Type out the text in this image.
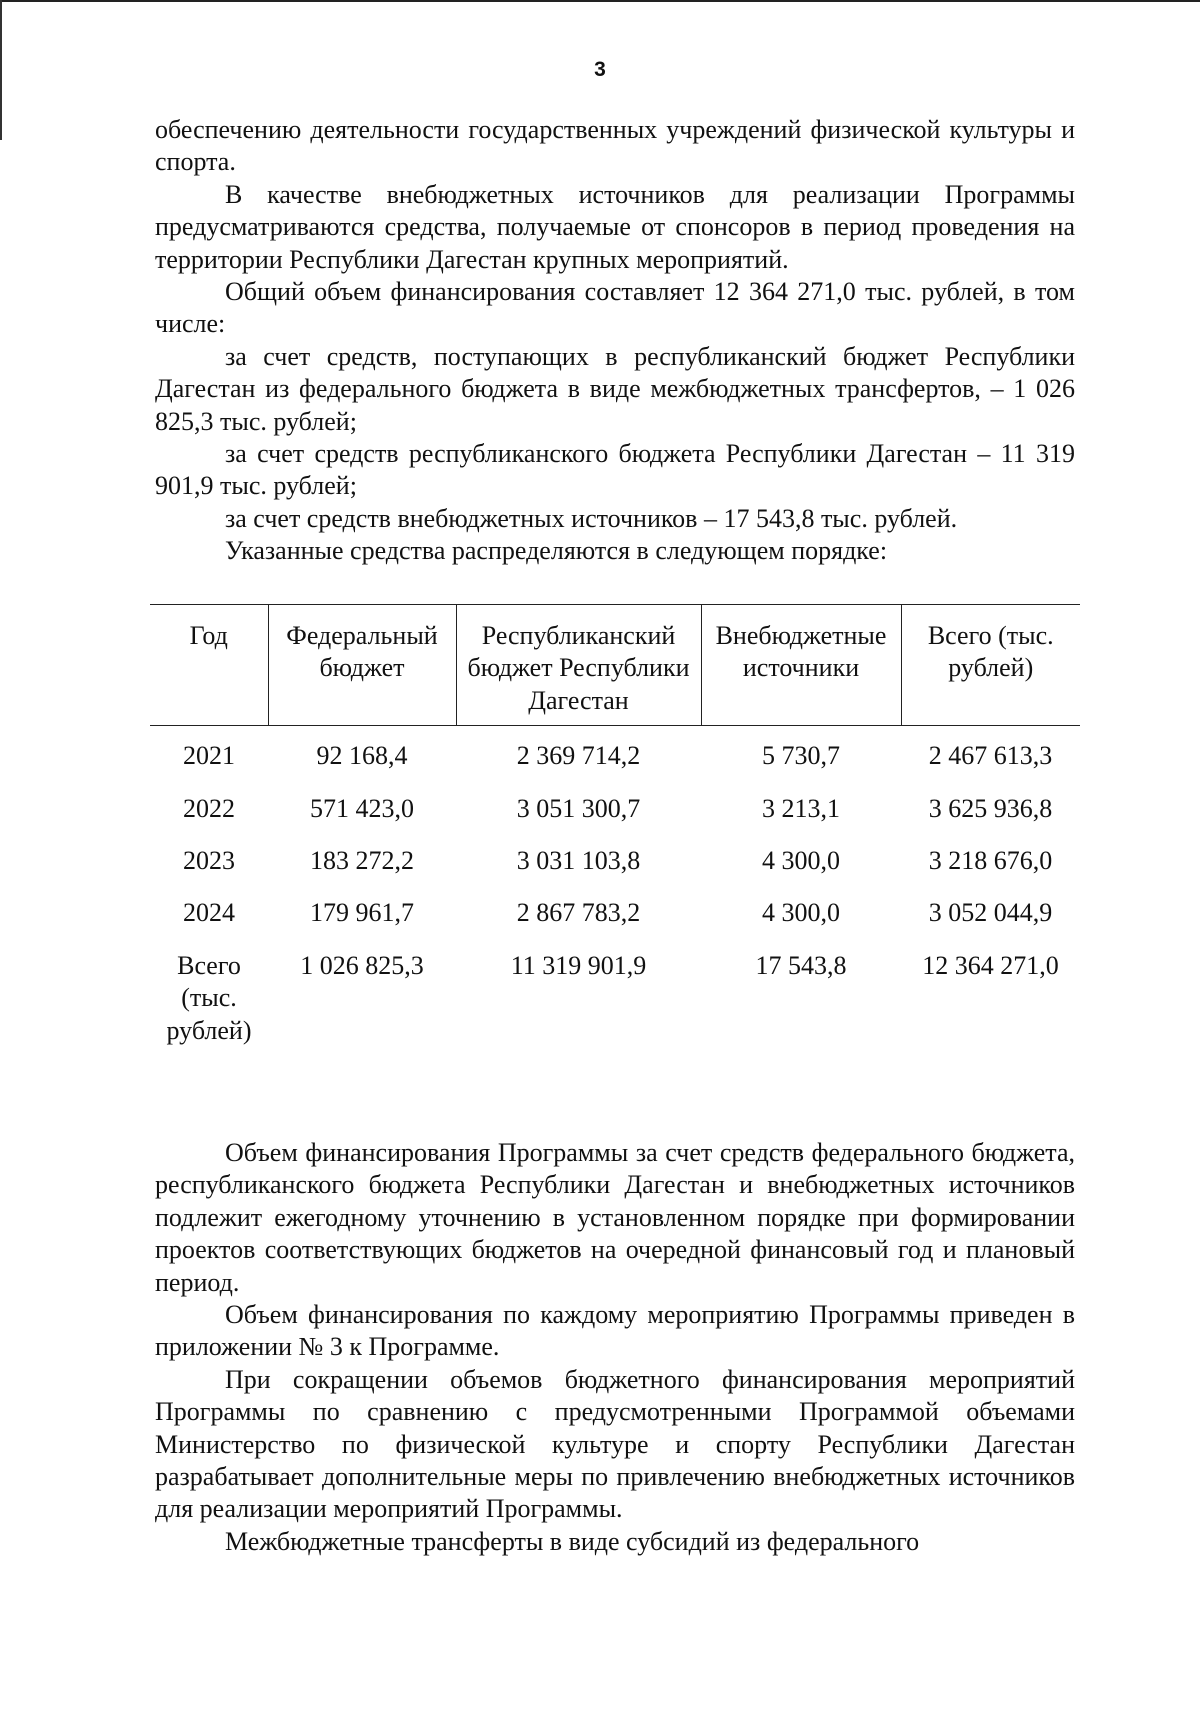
3

обеспечению деятельности государственных учреждений физической культуры и спорта.

В качестве внебюджетных источников для реализации Программы предусматриваются средства, получаемые от спонсоров в период проведения на территории Республики Дагестан крупных мероприятий.

Общий объем финансирования составляет 12 364 271,0 тыс. рублей, в том числе:

за счет средств, поступающих в республиканский бюджет Республики Дагестан из федерального бюджета в виде межбюджетных трансфертов, – 1 026 825,3 тыс. рублей;

за счет средств республиканского бюджета Республики Дагестан – 11 319 901,9 тыс. рублей;

за счет средств внебюджетных источников – 17 543,8 тыс. рублей.

Указанные средства распределяются в следующем порядке:

Год	Федеральный бюджет	Республиканский бюджет Республики Дагестан	Внебюджетные источники	Всего (тыс. рублей)
2021	92 168,4	2 369 714,2	5 730,7	2 467 613,3
2022	571 423,0	3 051 300,7	3 213,1	3 625 936,8
2023	183 272,2	3 031 103,8	4 300,0	3 218 676,0
2024	179 961,7	2 867 783,2	4 300,0	3 052 044,9
Всего (тыс. рублей)	1 026 825,3	11 319 901,9	17 543,8	12 364 271,0

Объем финансирования Программы за счет средств федерального бюджета, республиканского бюджета Республики Дагестан и внебюджетных источников подлежит ежегодному уточнению в установленном порядке при формировании проектов соответствующих бюджетов на очередной финансовый год и плановый период.

Объем финансирования по каждому мероприятию Программы приведен в приложении № 3 к Программе.

При сокращении объемов бюджетного финансирования мероприятий Программы по сравнению с предусмотренными Программой объемами Министерство по физической культуре и спорту Республики Дагестан разрабатывает дополнительные меры по привлечению внебюджетных источников для реализации мероприятий Программы.

Межбюджетные трансферты в виде субсидий из федерального
